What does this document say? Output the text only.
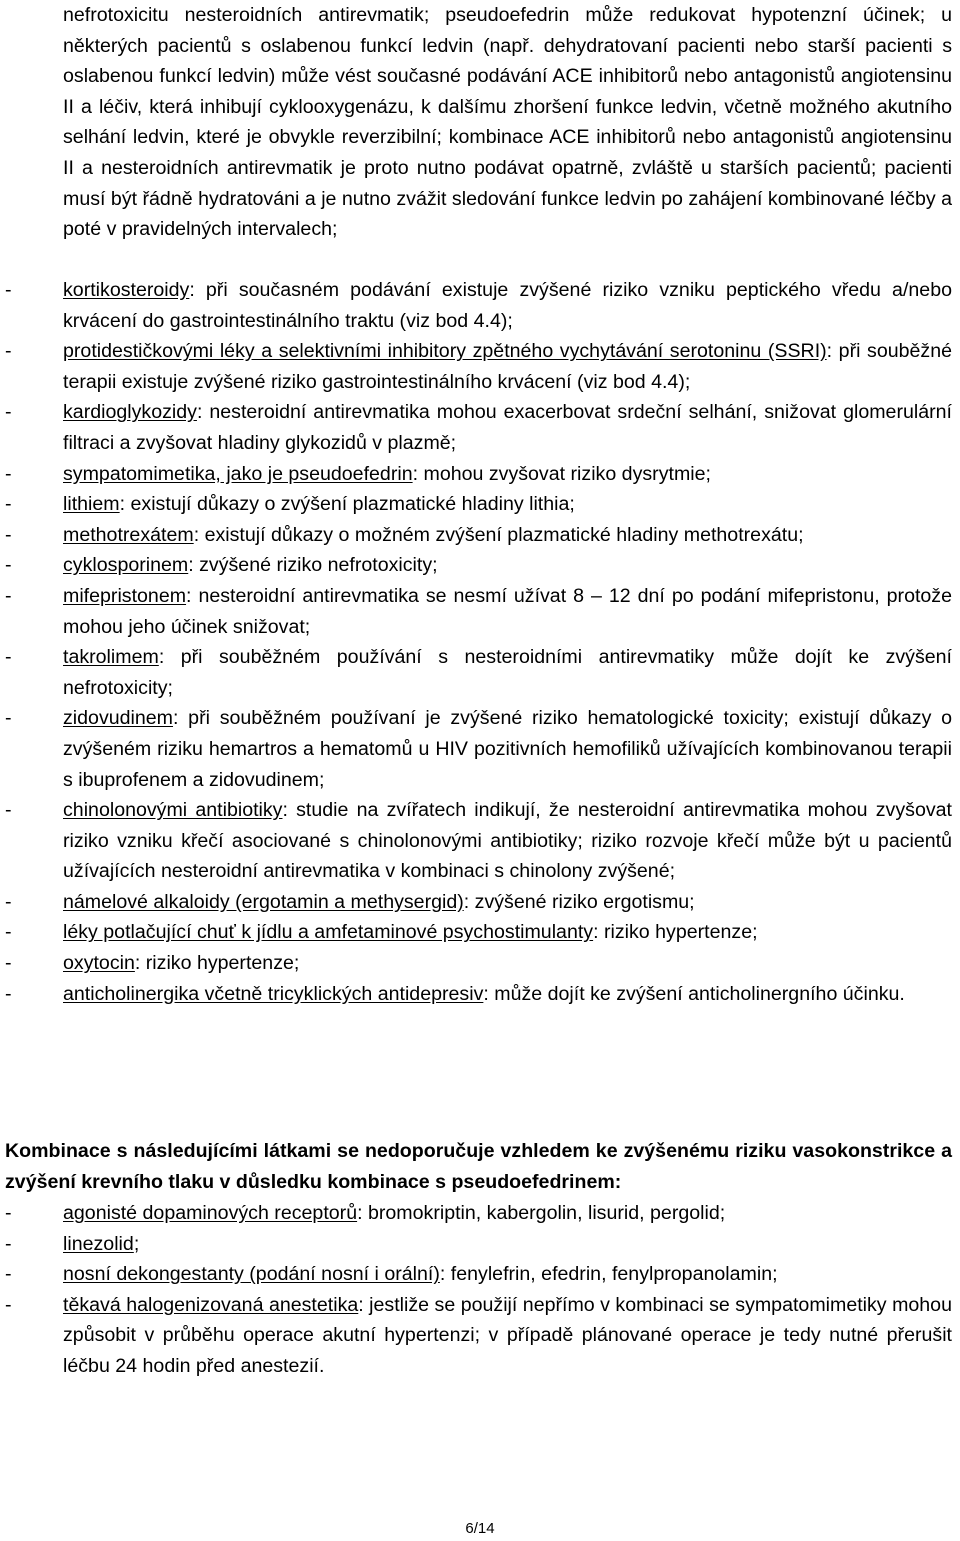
nefrotoxicitu nesteroidních antirevmatik; pseudoefedrin může redukovat hypotenzní účinek; u některých pacientů s oslabenou funkcí ledvin (např. dehydratovaní pacienti nebo starší pacienti s oslabenou funkcí ledvin) může vést současné podávání ACE inhibitorů nebo antagonistů angiotensinu II a léčiv, která inhibují cyklooxygenázu, k dalšímu zhoršení funkce ledvin, včetně možného akutního selhání ledvin, které je obvykle reverzibilní; kombinace ACE inhibitorů nebo antagonistů angiotensinu II a nesteroidních antirevmatik je proto nutno podávat opatrně, zvláště u starších pacientů; pacienti musí být řádně hydratováni a je nutno zvážit sledování funkce ledvin po zahájení kombinované léčby a poté v pravidelných intervalech;

-	kortikosteroidy: při současném podávání existuje zvýšené riziko vzniku peptického vředu a/nebo krvácení do gastrointestinálního traktu (viz bod 4.4);
-	protidestičkovými léky a selektivními inhibitory zpětného vychytávání serotoninu (SSRI): při souběžné terapii existuje zvýšené riziko gastrointestinálního krvácení (viz bod 4.4);
-	kardioglykozidy: nesteroidní antirevmatika mohou exacerbovat srdeční selhání, snižovat glomerulární filtraci a zvyšovat hladiny glykozidů v plazmě;
-	sympatomimetika, jako je pseudoefedrin: mohou zvyšovat riziko dysrytmie;
-	lithiem: existují důkazy o zvýšení plazmatické hladiny lithia;
-	methotrexátem: existují důkazy o možném zvýšení plazmatické hladiny methotrexátu;
-	cyklosporinem: zvýšené riziko nefrotoxicity;
-	mifepristonem: nesteroidní antirevmatika se nesmí užívat 8 – 12 dní po podání mifepristonu, protože mohou jeho účinek snižovat;
-	takrolimem: při souběžném používání s nesteroidními antirevmatiky může dojít ke zvýšení nefrotoxicity;
-	zidovudinem: při souběžném používaní je zvýšené riziko hematologické toxicity; existují důkazy o zvýšeném riziku hemartros a hematomů u HIV pozitivních hemofiliků užívajících kombinovanou terapii s ibuprofenem a zidovudinem;
-	chinolonovými antibiotiky: studie na zvířatech indikují, že nesteroidní antirevmatika mohou zvyšovat riziko vzniku křečí asociované s chinolonovými antibiotiky; riziko rozvoje křečí může být u pacientů užívajících nesteroidní antirevmatika v kombinaci s chinolony zvýšené;
-	námelové alkaloidy (ergotamin a methysergid): zvýšené riziko ergotismu;
-	léky potlačující chuť k jídlu a amfetaminové psychostimulanty: riziko hypertenze;
-	oxytocin: riziko hypertenze;
-	anticholinergika včetně tricyklických antidepresiv: může dojít ke zvýšení anticholinergního účinku.

Kombinace s následujícími látkami se nedoporučuje vzhledem ke zvýšenému riziku vasokonstrikce a zvýšení krevního tlaku v důsledku kombinace s pseudoefedrinem:

-	agonisté dopaminových receptorů: bromokriptin, kabergolin, lisurid, pergolid;
-	linezolid;
-	nosní dekongestanty (podání nosní i orální): fenylefrin, efedrin, fenylpropanolamin;
-	těkavá halogenizovaná anestetika: jestliže se použijí nepřímo v kombinaci se sympatomimetiky mohou způsobit v průběhu operace akutní hypertenzi; v případě plánované operace je tedy nutné přerušit léčbu 24 hodin před anestezií.
6/14
